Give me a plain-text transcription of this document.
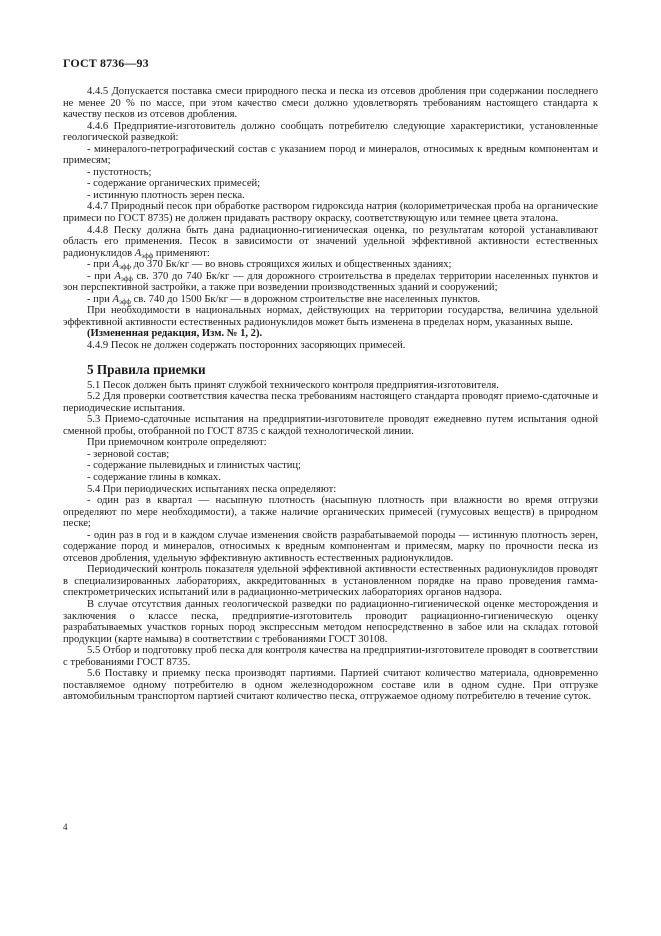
ГОСТ 8736—93

4.4.5 Допускается поставка смеси природного песка и песка из отсевов дробления при содержании последнего не менее 20 % по массе, при этом качество смеси должно удовлетворять требованиям настоящего стандарта к качеству песков из отсевов дробления.

4.4.6 Предприятие-изготовитель должно сообщать потребителю следующие характеристики, установленные геологической разведкой:

- минералого-петрографический состав с указанием пород и минералов, относимых к вредным компонентам и примесям;

- пустотность;

- содержание органических примесей;

- истинную плотность зерен песка.

4.4.7 Природный песок при обработке раствором гидроксида натрия (колориметрическая проба на органические примеси по ГОСТ 8735) не должен придавать раствору окраску, соответствующую или темнее цвета эталона.

4.4.8 Песку должна быть дана радиационно-гигиеническая оценка, по результатам которой устанавливают область его применения. Песок в зависимости от значений удельной эффективной активности естественных радионуклидов $A_{эфф}$ применяют:

- при $A_{эфф}$ до 370 Бк/кг — во вновь строящихся жилых и общественных зданиях;

- при $A_{эфф}$ св. 370 до 740 Бк/кг — для дорожного строительства в пределах территории населенных пунктов и зон перспективной застройки, а также при возведении производственных зданий и сооружений;

- при $A_{эфф}$ св. 740 до 1500 Бк/кг — в дорожном строительстве вне населенных пунктов.

При необходимости в национальных нормах, действующих на территории государства, величина удельной эффективной активности естественных радионуклидов может быть изменена в пределах норм, указанных выше.

(Измененная редакция, Изм. № 1, 2).

4.4.9 Песок не должен содержать посторонних засоряющих примесей.

5 Правила приемки

5.1 Песок должен быть принят службой технического контроля предприятия-изготовителя.

5.2 Для проверки соответствия качества песка требованиям настоящего стандарта проводят приемо-сдаточные и периодические испытания.

5.3 Приемо-сдаточные испытания на предприятии-изготовителе проводят ежедневно путем испытания одной сменной пробы, отобранной по ГОСТ 8735 с каждой технологической линии.

При приемочном контроле определяют:

- зерновой состав;

- содержание пылевидных и глинистых частиц;

- содержание глины в комках.

5.4 При периодических испытаниях песка определяют:

- один раз в квартал — насыпную плотность (насыпную плотность при влажности во время отгрузки определяют по мере необходимости), а также наличие органических примесей (гумусовых веществ) в природном песке;

- один раз в год и в каждом случае изменения свойств разрабатываемой породы — истинную плотность зерен, содержание пород и минералов, относимых к вредным компонентам и примесям, марку по прочности песка из отсевов дробления, удельную эффективную активность естественных радионуклидов.

Периодический контроль показателя удельной эффективной активности естественных радионуклидов проводят в специализированных лабораториях, аккредитованных в установленном порядке на право проведения гамма-спектрометрических испытаний или в радиационно-метрических лабораториях органов надзора.

В случае отсутствия данных геологической разведки по радиационно-гигиенической оценке месторождения и заключения о классе песка, предприятие-изготовитель проводит рациационно-гигиеническую оценку разрабатываемых участков горных пород экспрессным методом непосредственно в забое или на складах готовой продукции (карте намыва) в соответствии с требованиями ГОСТ 30108.

5.5 Отбор и подготовку проб песка для контроля качества на предприятии-изготовителе проводят в соответствии с требованиями ГОСТ 8735.

5.6 Поставку и приемку песка производят партиями. Партией считают количество материала, одновременно поставляемое одному потребителю в одном железнодорожном составе или в одном судне. При отгрузке автомобильным транспортом партией считают количество песка, отгружаемое одному потребителю в течение суток.

4
